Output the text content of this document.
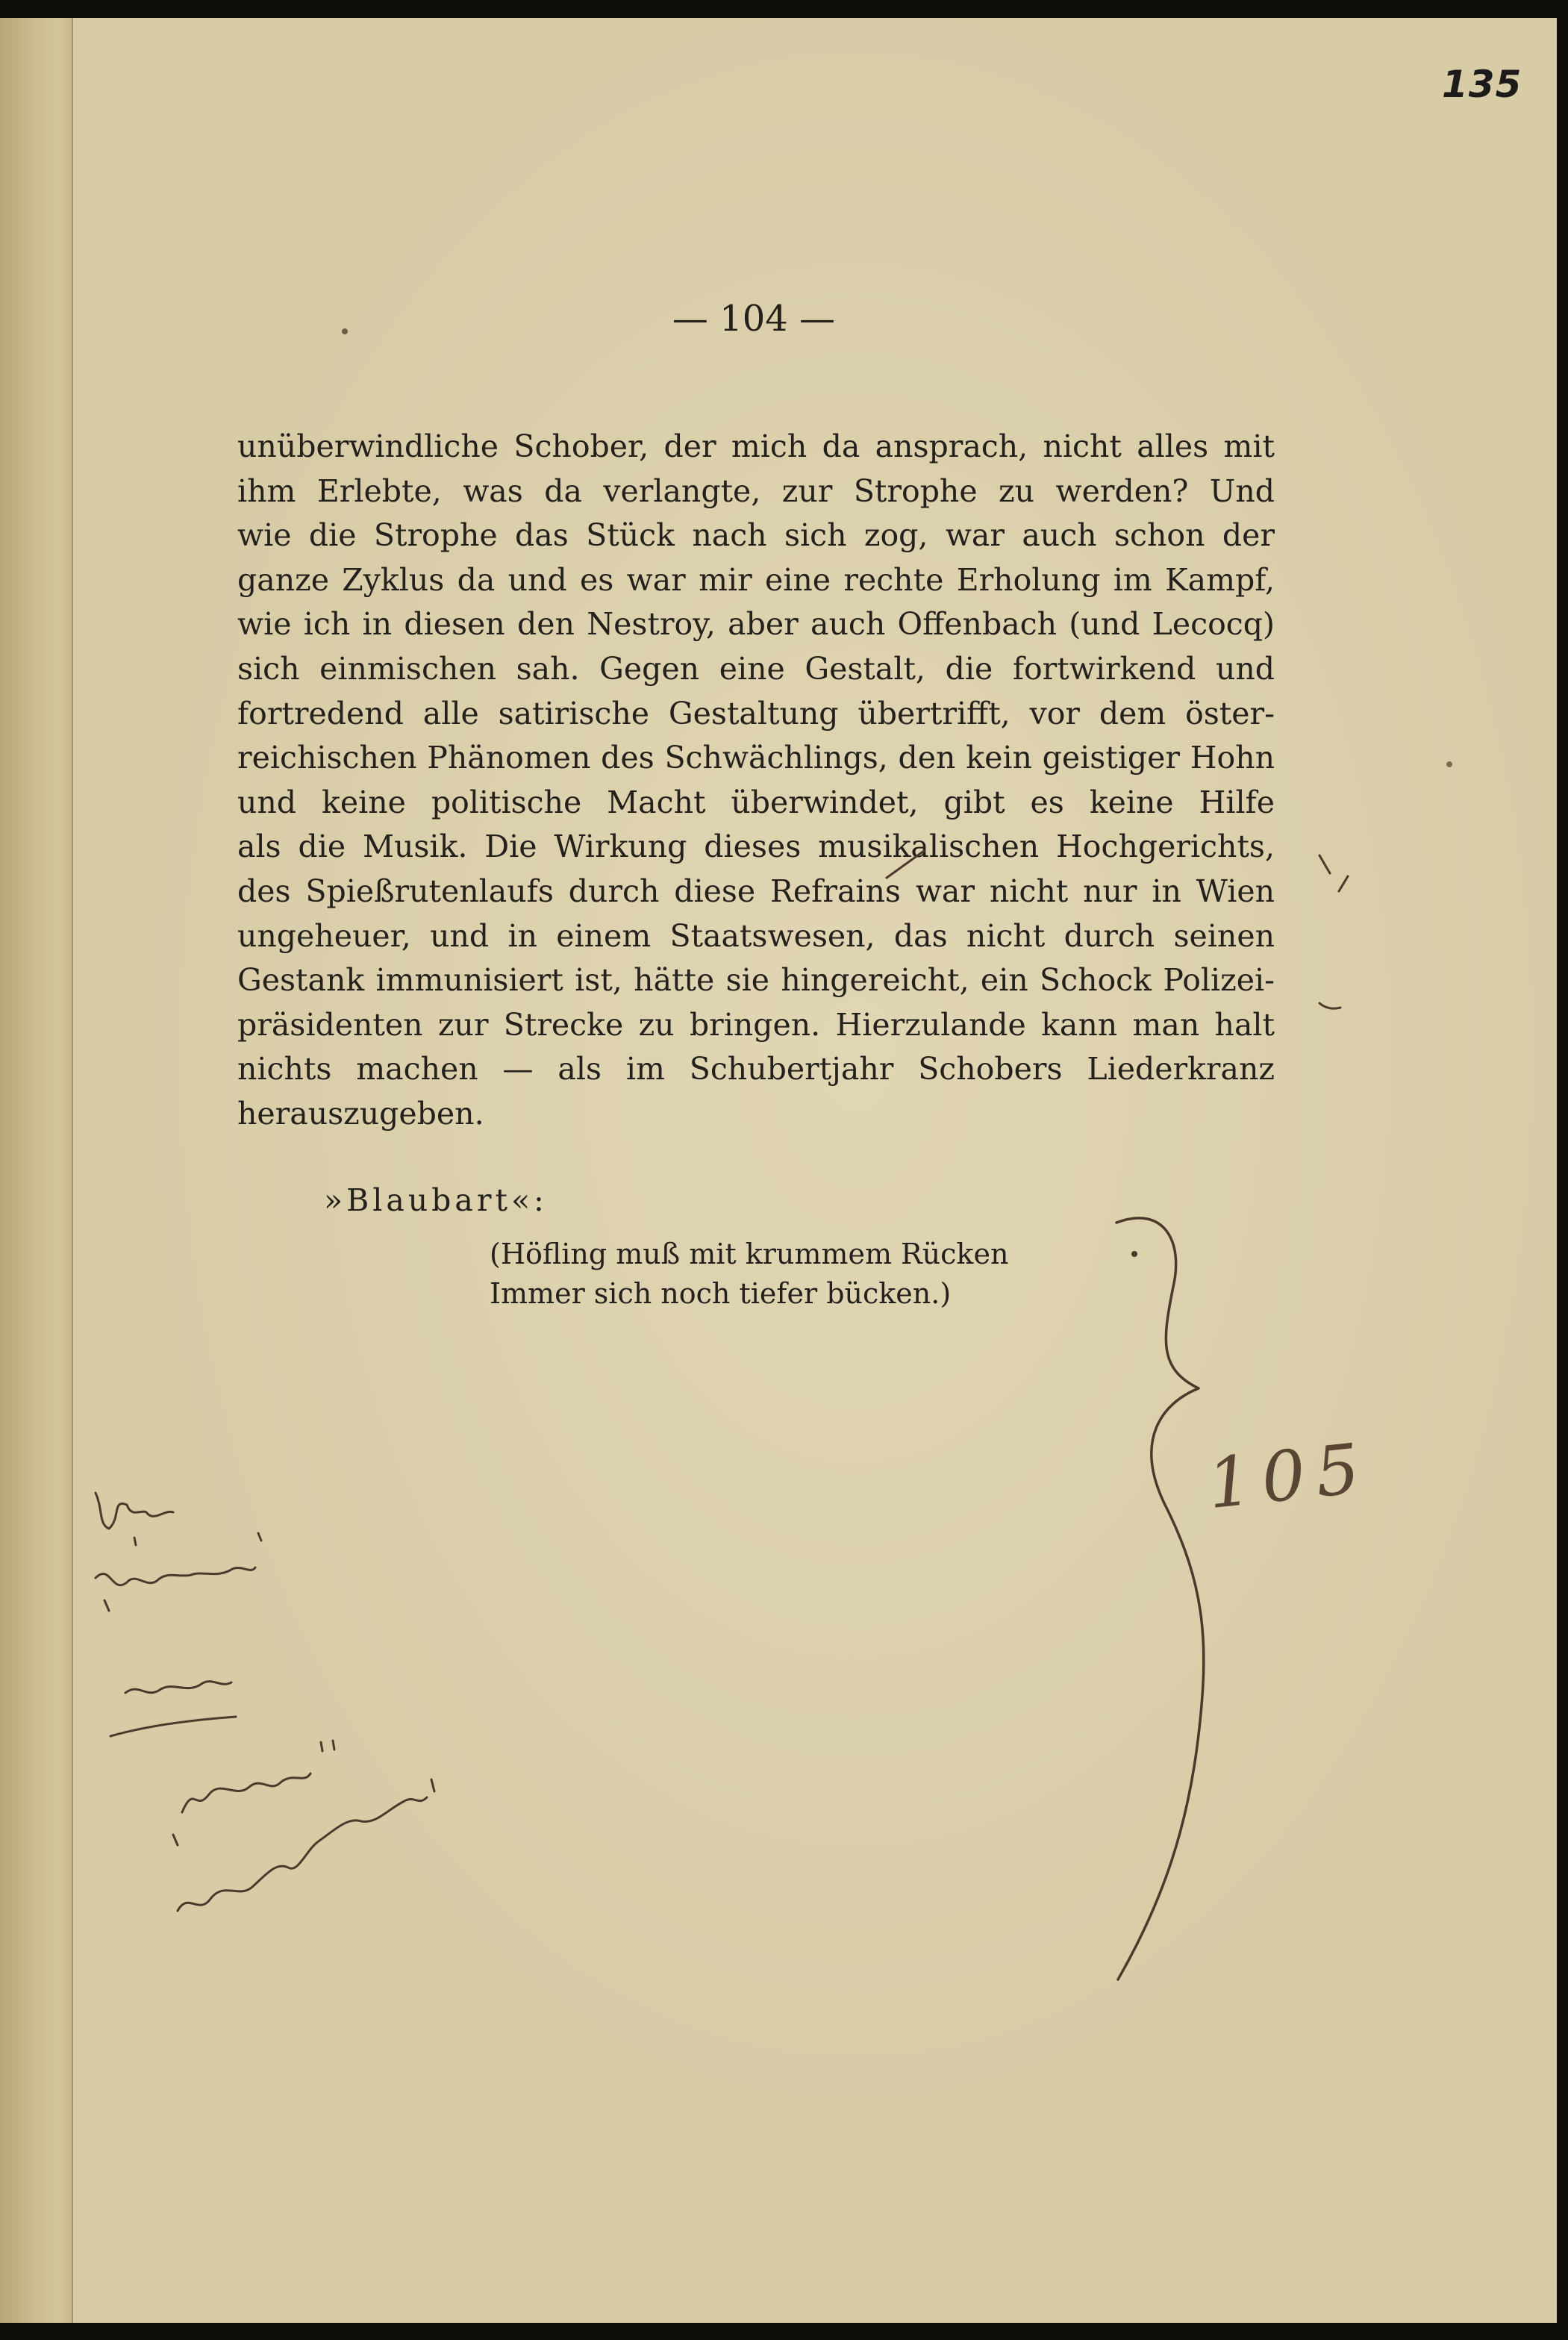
135

— 104 —

unüberwindliche Schober, der mich da ansprach, nicht alles mit
ihm Erlebte, was da verlangte, zur Strophe zu werden? Und
wie die Strophe das Stück nach sich zog, war auch schon der
ganze Zyklus da und es war mir eine rechte Erholung im Kampf,
wie ich in diesen den Nestroy, aber auch Offenbach (und Lecocq)
sich einmischen sah. Gegen eine Gestalt, die fortwirkend und
fortredend alle satirische Gestaltung übertrifft, vor dem öster-
reichischen Phänomen des Schwächlings, den kein geistiger Hohn
und keine politische Macht überwindet, gibt es keine Hilfe
als die Musik. Die Wirkung dieses musikalischen Hochgerichts,
des Spießrutenlaufs durch diese Refrains war nicht nur in Wien
ungeheuer, und in einem Staatswesen, das nicht durch seinen
Gestank immunisiert ist, hätte sie hingereicht, ein Schock Polizei-
präsidenten zur Strecke zu bringen. Hierzulande kann man halt
nichts machen — als im Schubertjahr Schobers Liederkranz
herauszugeben.

»Blaubart«:

(Höfling muß mit krummem Rücken
Immer sich noch tiefer bücken.)

105
